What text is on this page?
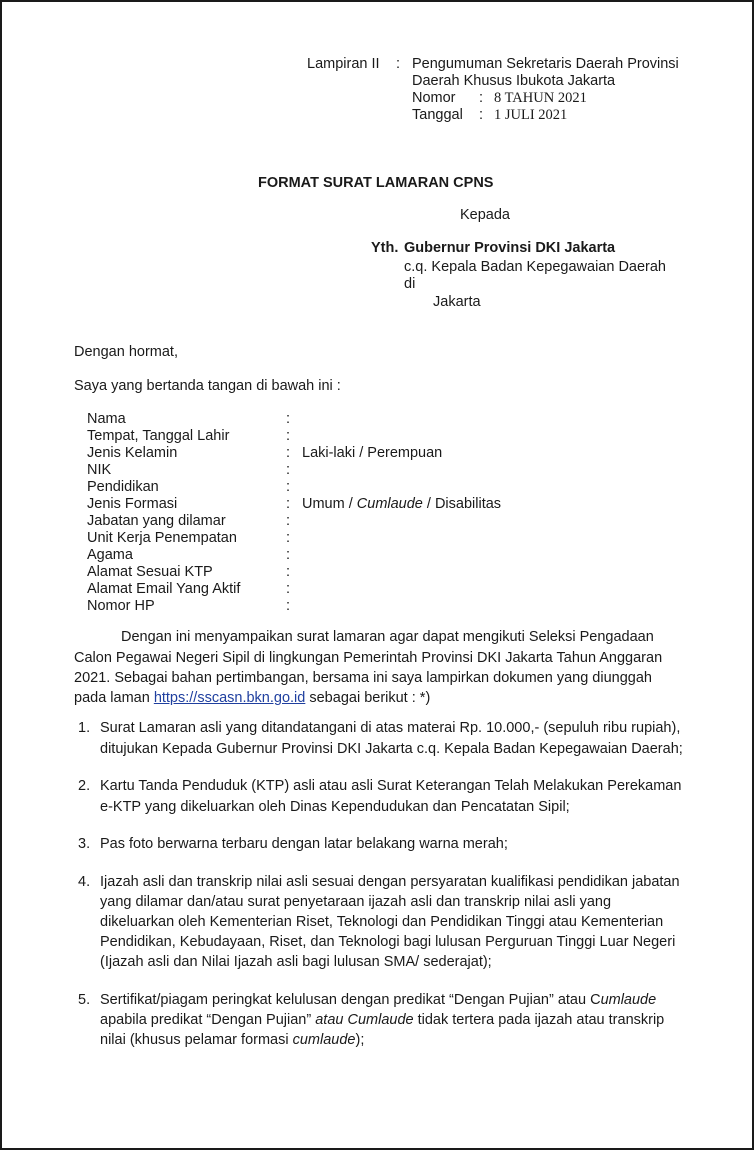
Lampiran II : Pengumuman Sekretaris Daerah Provinsi
Daerah Khusus Ibukota Jakarta
Nomor : 8 TAHUN 2021
Tanggal : 1 JULI 2021
FORMAT SURAT LAMARAN CPNS
Kepada
Yth. Gubernur Provinsi DKI Jakarta
c.q. Kepala Badan Kepegawaian Daerah
di
Jakarta
Dengan hormat,
Saya yang bertanda tangan di bawah ini :
Nama	:
Tempat, Tanggal Lahir	:
Jenis Kelamin	: Laki-laki / Perempuan
NIK	:
Pendidikan	:
Jenis Formasi	: Umum / Cumlaude / Disabilitas
Jabatan yang dilamar	:
Unit Kerja Penempatan	:
Agama	:
Alamat Sesuai KTP	:
Alamat Email Yang Aktif	:
Nomor HP	:
Dengan ini menyampaikan surat lamaran agar dapat mengikuti Seleksi Pengadaan
Calon Pegawai Negeri Sipil di lingkungan Pemerintah Provinsi DKI Jakarta Tahun Anggaran
2021. Sebagai bahan pertimbangan, bersama ini saya lampirkan dokumen yang diunggah
pada laman https://sscasn.bkn.go.id sebagai berikut : *)
1. Surat Lamaran asli yang ditandatangani di atas materai Rp. 10.000,- (sepuluh ribu rupiah),
ditujukan Kepada Gubernur Provinsi DKI Jakarta c.q. Kepala Badan Kepegawaian Daerah;
2. Kartu Tanda Penduduk (KTP) asli atau asli Surat Keterangan Telah Melakukan Perekaman
e-KTP yang dikeluarkan oleh Dinas Kependudukan dan Pencatatan Sipil;
3. Pas foto berwarna terbaru dengan latar belakang warna merah;
4. Ijazah asli dan transkrip nilai asli sesuai dengan persyaratan kualifikasi pendidikan jabatan
yang dilamar dan/atau surat penyetaraan ijazah asli dan transkrip nilai asli yang
dikeluarkan oleh Kementerian Riset, Teknologi dan Pendidikan Tinggi atau Kementerian
Pendidikan, Kebudayaan, Riset, dan Teknologi bagi lulusan Perguruan Tinggi Luar Negeri
(Ijazah asli dan Nilai Ijazah asli bagi lulusan SMA/ sederajat);
5. Sertifikat/piagam peringkat kelulusan dengan predikat “Dengan Pujian” atau Cumlaude
apabila predikat “Dengan Pujian” atau Cumlaude tidak tertera pada ijazah atau transkrip
nilai (khusus pelamar formasi cumlaude);
